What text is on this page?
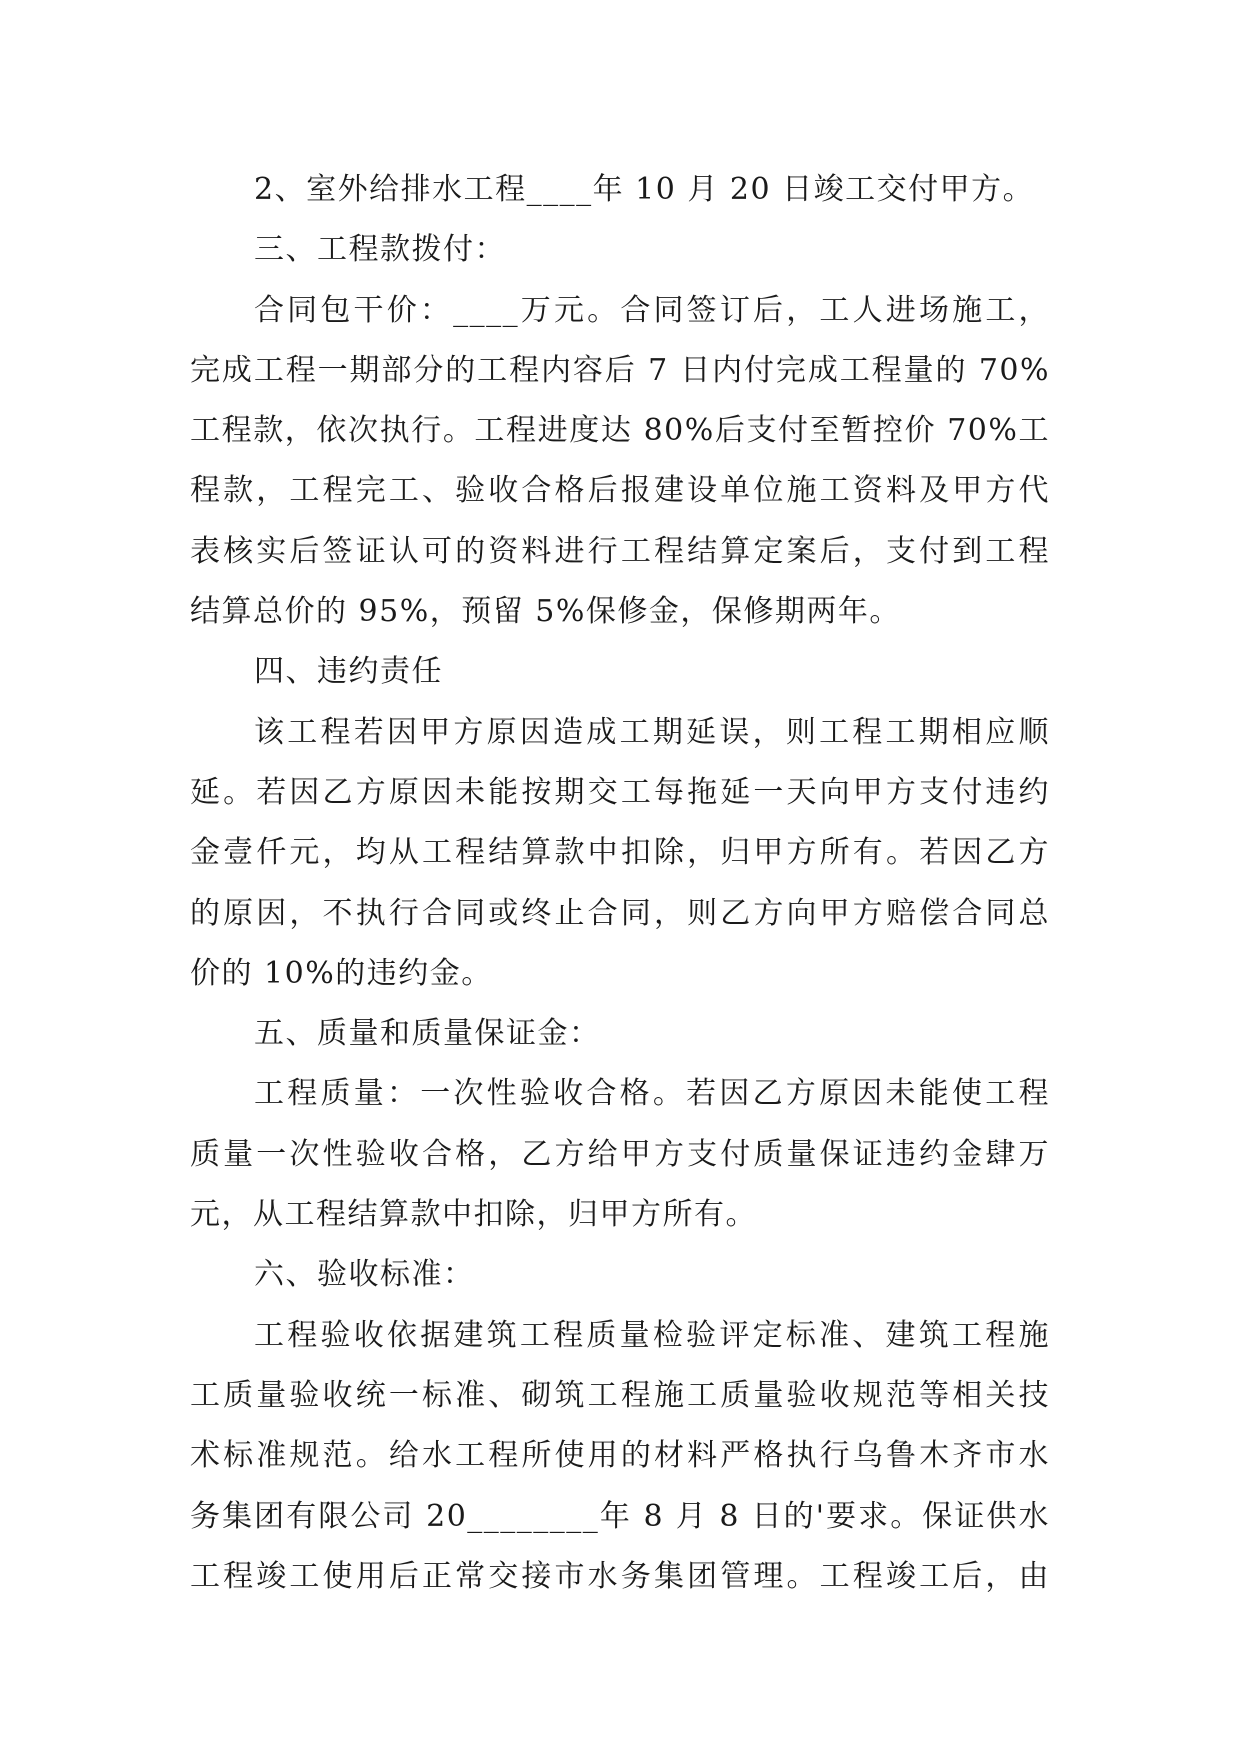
2、室外给排水工程____年 10 月 20 日竣工交付甲方。

三、工程款拨付：

合同包干价：____万元。合同签订后，工人进场施工，
完成工程一期部分的工程内容后 7 日内付完成工程量的 70%
工程款，依次执行。工程进度达 80%后支付至暂控价 70%工
程款，工程完工、验收合格后报建设单位施工资料及甲方代
表核实后签证认可的资料进行工程结算定案后，支付到工程
结算总价的 95%，预留 5%保修金，保修期两年。

四、违约责任

该工程若因甲方原因造成工期延误，则工程工期相应顺
延。若因乙方原因未能按期交工每拖延一天向甲方支付违约
金壹仟元，均从工程结算款中扣除，归甲方所有。若因乙方
的原因，不执行合同或终止合同，则乙方向甲方赔偿合同总
价的 10%的违约金。

五、质量和质量保证金：

工程质量：一次性验收合格。若因乙方原因未能使工程
质量一次性验收合格，乙方给甲方支付质量保证违约金肆万
元，从工程结算款中扣除，归甲方所有。

六、验收标准：

工程验收依据建筑工程质量检验评定标准、建筑工程施
工质量验收统一标准、砌筑工程施工质量验收规范等相关技
术标准规范。给水工程所使用的材料严格执行乌鲁木齐市水
务集团有限公司 20________年 8 月 8 日的'要求。保证供水
工程竣工使用后正常交接市水务集团管理。工程竣工后，由
